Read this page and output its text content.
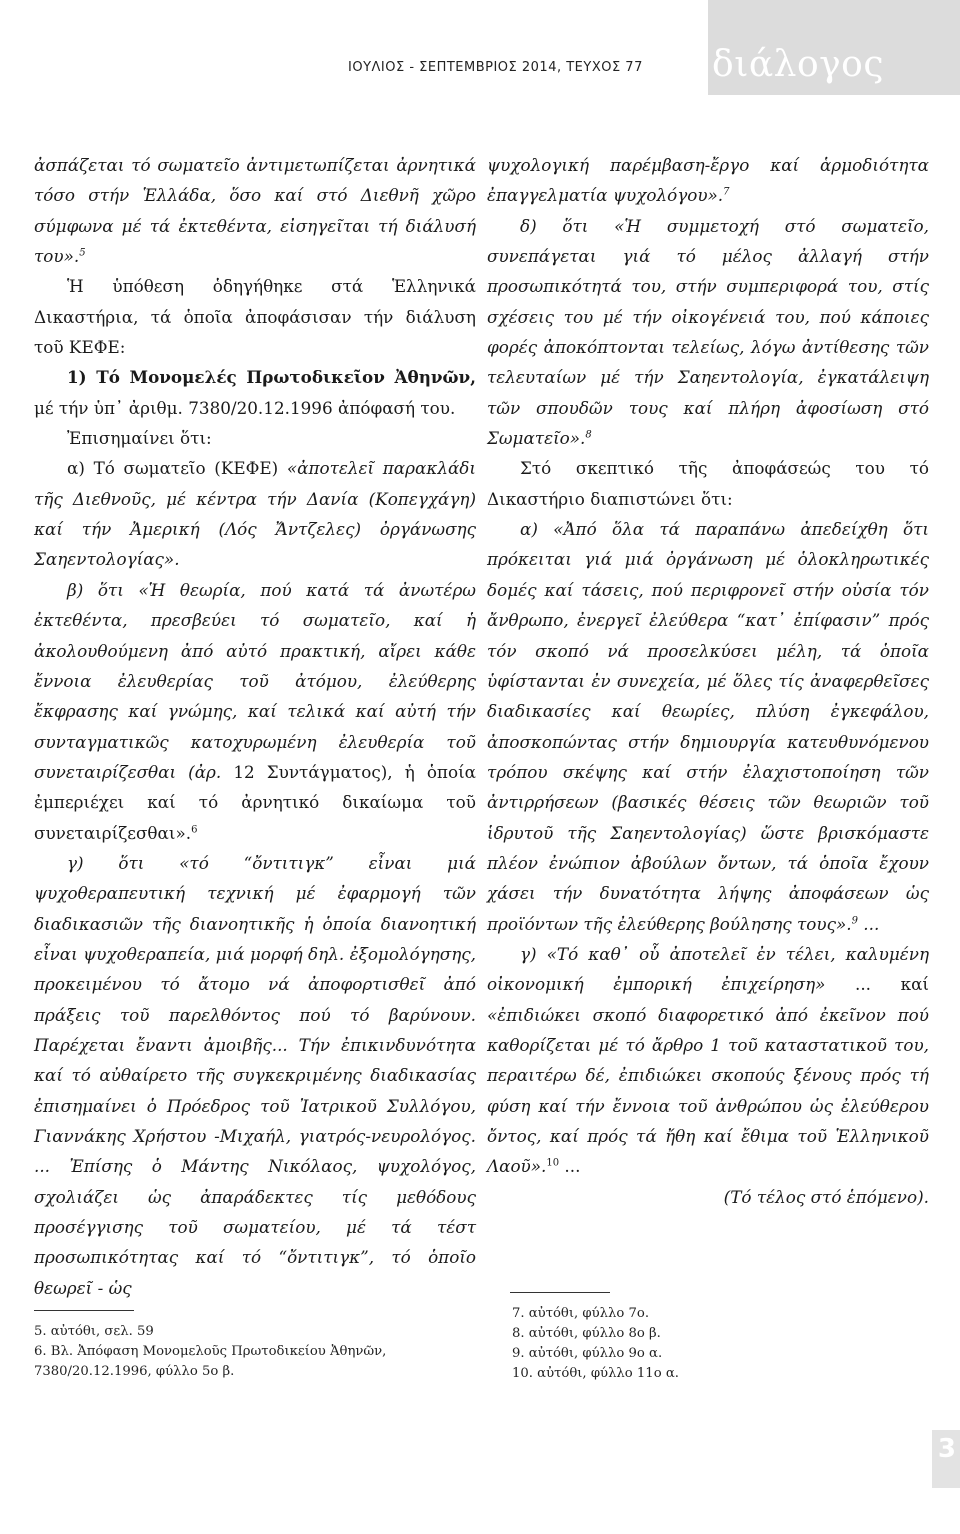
ΙΟΥΛΙΟΣ - ΣΕΠΤΕΜΒΡΙΟΣ 2014, ΤΕΥΧΟΣ 77 διάλογος

ἀσπάζεται τό σωματεῖο ἀντιμετωπίζεται ἀρνητικά τόσο στήν Ἑλλάδα, ὅσο καί στό Διεθνῆ χῶρο σύμφωνα μέ τά ἐκτεθέντα, εἰσηγεῖται τή διάλυσή του».$^5$

Ἡ ὑπόθεση ὁδηγήθηκε στά Ἑλληνικά Δικαστήρια, τά ὁποῖα ἀποφάσισαν τήν διάλυση τοῦ ΚΕΦΕ:

1) Τό Μονομελές Πρωτοδικεῖον Ἀθηνῶν, μέ τήν ὑπ᾽ ἀριθμ. 7380/20.12.1996 ἀπόφασή του.

Ἐπισημαίνει ὅτι:

α) Τό σωματεῖο (ΚΕΦΕ) «ἀποτελεῖ παρακλάδι τῆς Διεθνοῦς, μέ κέντρα τήν Δανία (Κοπεγχάγη) καί τήν Ἀμερική (Λός Ἄντζελες) ὀργάνωσης Σαηεντολογίας».

β) ὅτι «Ἡ θεωρία, πού κατά τά ἀνωτέρω ἐκτεθέντα, πρεσβεύει τό σωματεῖο, καί ἡ ἀκολουθούμενη ἀπό αὐτό πρακτική, αἴρει κάθε ἔννοια ἐλευθερίας τοῦ ἀτόμου, ἐλεύθερης ἔκφρασης καί γνώμης, καί τελικά καί αὐτή τήν συνταγματικῶς κατοχυρωμένη ἐλευθερία τοῦ συνεταιρίζεσθαι (ἀρ. 12 Συντάγματος), ἡ ὁποία ἐμπεριέχει καί τό ἀρνητικό δικαίωμα τοῦ συνεταιρίζεσθαι».$^6$

γ) ὅτι «τό “ὄντιτιγκ” εἶναι μιά ψυχοθεραπευτική τεχνική μέ ἐφαρμογή τῶν διαδικασιῶν τῆς διανοητικῆς ἡ ὁποία διανοητική εἶναι ψυχοθεραπεία, μιά μορφή δηλ. ἐξομολόγησης, προκειμένου τό ἄτομο νά ἀποφορτισθεῖ ἀπό πράξεις τοῦ παρελθόντος πού τό βαρύνουν. Παρέχεται ἔναντι ἀμοιβῆς... Τήν ἐπικινδυνότητα καί τό αὐθαίρετο τῆς συγκεκριμένης διαδικασίας ἐπισημαίνει ὁ Πρόεδρος τοῦ Ἰατρικοῦ Συλλόγου, Γιαννάκης Χρήστου -Μιχαήλ, γιατρός-νευρολόγος. ... Ἐπίσης ὁ Μάντης Νικόλαος, ψυχολόγος, σχολιάζει ὡς ἀπαράδεκτες τίς μεθόδους προσέγγισης τοῦ σωματείου, μέ τά τέστ προσωπικότητας καί τό “ὄντιτιγκ”, τό ὁποῖο θεωρεῖ - ὡς

5. αὐτόθι, σελ. 59

6. Βλ. Ἀπόφαση Μονομελοῦς Πρωτοδικείου Ἀθηνῶν, 7380/20.12.1996, φύλλο 5ο β.

ψυχολογική παρέμβαση-ἔργο καί ἁρμοδιότητα ἐπαγγελματία ψυχολόγου».$^7$

δ) ὅτι «Ἡ συμμετοχή στό σωματεῖο, συνεπάγεται γιά τό μέλος ἀλλαγή στήν προσωπικότητά του, στήν συμπεριφορά του, στίς σχέσεις του μέ τήν οἰκογένειά του, πού κάποιες φορές ἀποκόπτονται τελείως, λόγω ἀντίθεσης τῶν τελευταίων μέ τήν Σαηεντολογία, ἐγκατάλειψη τῶν σπουδῶν τους καί πλήρη ἀφοσίωση στό Σωματεῖο».$^8$

Στό σκεπτικό τῆς ἀποφάσεώς του τό Δικαστήριο διαπιστώνει ὅτι:

α) «Ἀπό ὅλα τά παραπάνω ἀπεδείχθη ὅτι πρόκειται γιά μιά ὀργάνωση μέ ὁλοκληρωτικές δομές καί τάσεις, πού περιφρονεῖ στήν οὐσία τόν ἄνθρωπο, ἐνεργεῖ ἐλεύθερα “κατ᾽ ἐπίφασιν” πρός τόν σκοπό νά προσελκύσει μέλη, τά ὁποῖα ὑφίστανται ἐν συνεχεία, μέ ὅλες τίς ἀναφερθεῖσες διαδικασίες καί θεωρίες, πλύση ἐγκεφάλου, ἀποσκοπώντας στήν δημιουργία κατευθυνόμενου τρόπου σκέψης καί στήν ἐλαχιστοποίηση τῶν ἀντιρρήσεων (βασικές θέσεις τῶν θεωριῶν τοῦ ἱδρυτοῦ τῆς Σαηεντολογίας) ὥστε βρισκόμαστε πλέον ἐνώπιον ἀβούλων ὄντων, τά ὁποῖα ἔχουν χάσει τήν δυνατότητα λήψης ἀποφάσεων ὡς προϊόντων τῆς ἐλεύθερης βούλησης τους».$^9$ ...

γ) «Τό καθ᾽ οὗ ἀποτελεῖ ἐν τέλει, καλυμένη οἰκονομική ἐμπορική ἐπιχείρηση» ... καί «ἐπιδιώκει σκοπό διαφορετικό ἀπό ἐκεῖνον πού καθορίζεται μέ τό ἄρθρο 1 τοῦ καταστατικοῦ του, περαιτέρω δέ, ἐπιδιώκει σκοπούς ξένους πρός τή φύση καί τήν ἔννοια τοῦ ἀνθρώπου ὡς ἐλεύθερου ὄντος, καί πρός τά ἤθη καί ἔθιμα τοῦ Ἑλληνικοῦ Λαοῦ».$^{10}$ ...

(Τό τέλος στό ἑπόμενο).

7. αὐτόθι, φύλλο 7ο.

8. αὐτόθι, φύλλο 8ο β.

9. αὐτόθι, φύλλο 9ο α.

10. αὐτόθι, φύλλο 11ο α.

3
